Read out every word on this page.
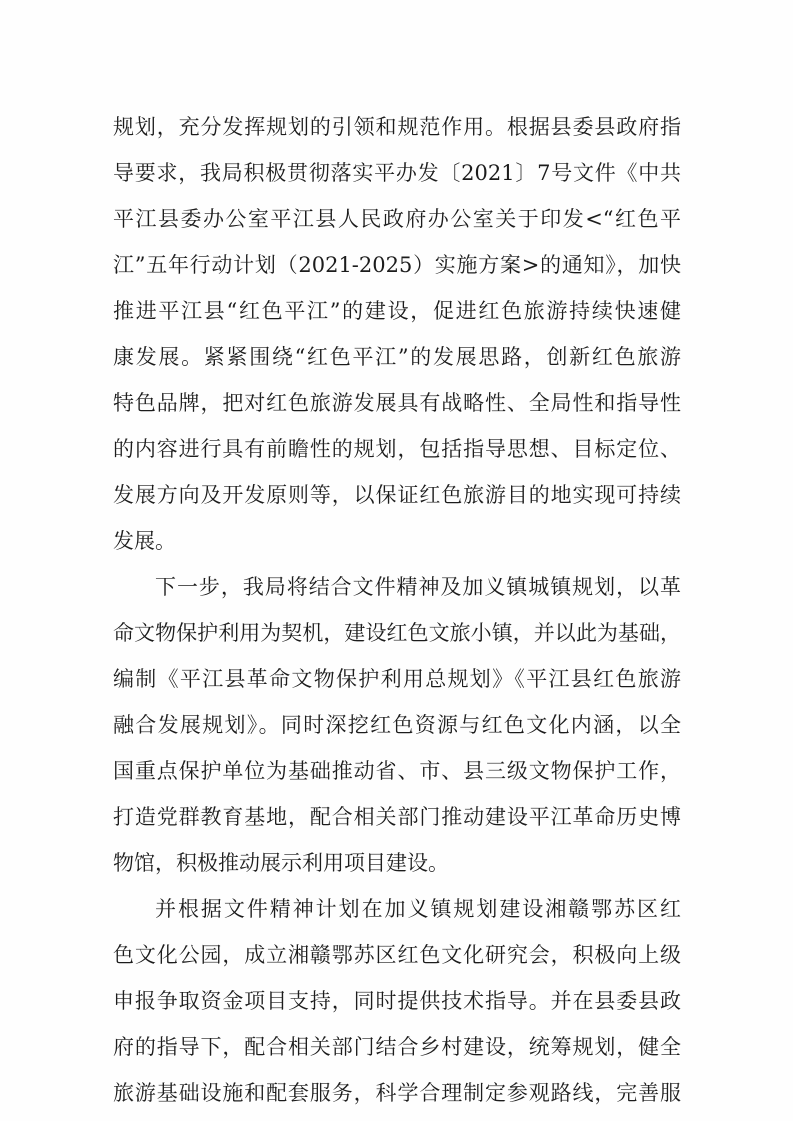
规划，充分发挥规划的引领和规范作用。根据县委县政府指
导要求，我局积极贯彻落实平办发〔2021〕7号文件《中共
平江县委办公室平江县人民政府办公室关于印发<“红色平
江”五年行动计划（2021-2025）实施方案>的通知》，加快
推进平江县“红色平江”的建设，促进红色旅游持续快速健
康发展。紧紧围绕“红色平江”的发展思路，创新红色旅游
特色品牌，把对红色旅游发展具有战略性、全局性和指导性
的内容进行具有前瞻性的规划，包括指导思想、目标定位、
发展方向及开发原则等，以保证红色旅游目的地实现可持续
发展。
下一步，我局将结合文件精神及加义镇城镇规划，以革
命文物保护利用为契机，建设红色文旅小镇，并以此为基础，
编制《平江县革命文物保护利用总规划》《平江县红色旅游
融合发展规划》。同时深挖红色资源与红色文化内涵，以全
国重点保护单位为基础推动省、市、县三级文物保护工作，
打造党群教育基地，配合相关部门推动建设平江革命历史博
物馆，积极推动展示利用项目建设。
并根据文件精神计划在加义镇规划建设湘赣鄂苏区红
色文化公园，成立湘赣鄂苏区红色文化研究会，积极向上级
申报争取资金项目支持，同时提供技术指导。并在县委县政
府的指导下，配合相关部门结合乡村建设，统筹规划，健全
旅游基础设施和配套服务，科学合理制定参观路线，完善服
